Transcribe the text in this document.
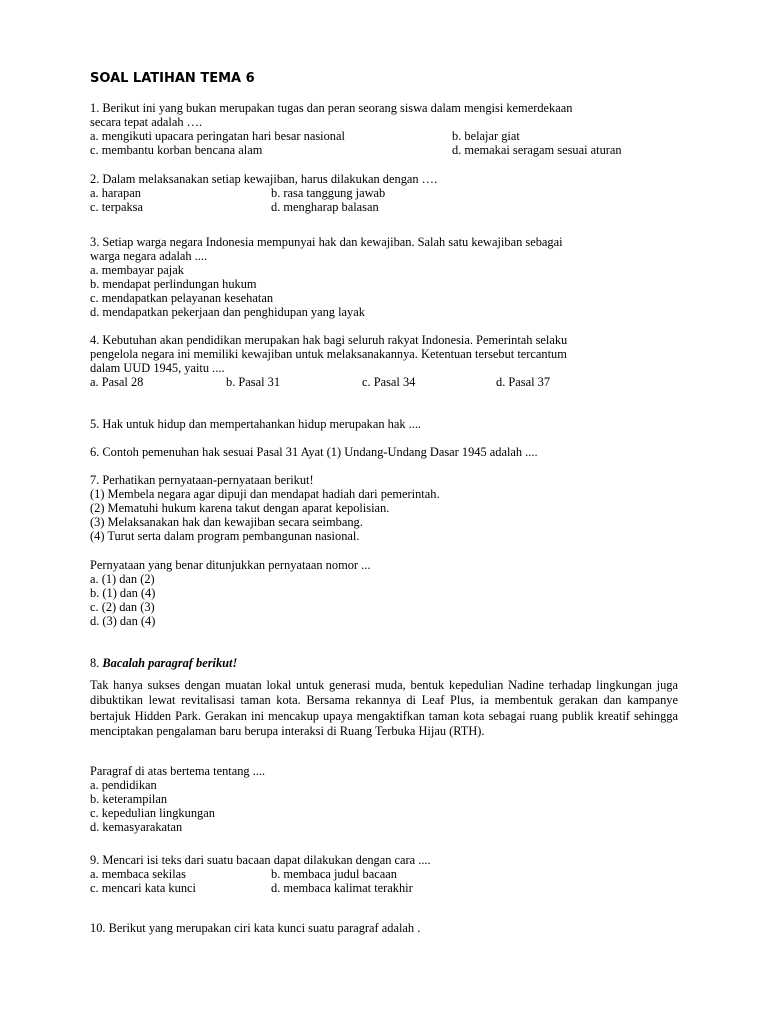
SOAL LATIHAN TEMA 6
1. Berikut ini yang bukan merupakan tugas dan peran seorang siswa dalam mengisi kemerdekaan
secara tepat adalah ….
a. mengikuti upacara peringatan hari besar nasional	b. belajar giat
c. membantu korban bencana alam	d. memakai seragam sesuai aturan
2. Dalam melaksanakan setiap kewajiban, harus dilakukan dengan ….
a. harapan	b. rasa tanggung jawab
c. terpaksa	d. mengharap balasan
3. Setiap warga negara Indonesia mempunyai hak dan kewajiban. Salah satu kewajiban sebagai
warga negara adalah ....
a. membayar pajak
b. mendapat perlindungan hukum
c. mendapatkan pelayanan kesehatan
d. mendapatkan pekerjaan dan penghidupan yang layak
4. Kebutuhan akan pendidikan merupakan hak bagi seluruh rakyat Indonesia. Pemerintah selaku
pengelola negara ini memiliki kewajiban untuk melaksanakannya. Ketentuan tersebut tercantum
dalam UUD 1945, yaitu ....
a. Pasal 28	b. Pasal 31	c. Pasal 34	d. Pasal 37
5. Hak untuk hidup dan mempertahankan hidup merupakan hak ....
6. Contoh pemenuhan hak sesuai Pasal 31 Ayat (1) Undang-Undang Dasar 1945 adalah ....
7. Perhatikan pernyataan-pernyataan berikut!
(1) Membela negara agar dipuji dan mendapat hadiah dari pemerintah.
(2) Mematuhi hukum karena takut dengan aparat kepolisian.
(3) Melaksanakan hak dan kewajiban secara seimbang.
(4) Turut serta dalam program pembangunan nasional.
Pernyataan yang benar ditunjukkan pernyataan nomor ...
a. (1) dan (2)
b. (1) dan (4)
c. (2) dan (3)
d. (3) dan (4)
8. Bacalah paragraf berikut!
Tak hanya sukses dengan muatan lokal untuk generasi muda, bentuk kepedulian Nadine terhadap lingkungan juga dibuktikan lewat revitalisasi taman kota. Bersama rekannya di Leaf Plus, ia membentuk gerakan dan kampanye bertajuk Hidden Park. Gerakan ini mencakup upaya mengaktifkan taman kota sebagai ruang publik kreatif sehingga menciptakan pengalaman baru berupa interaksi di Ruang Terbuka Hijau (RTH).
Paragraf di atas bertema tentang ....
a. pendidikan
b. keterampilan
c. kepedulian lingkungan
d. kemasyarakatan
9. Mencari isi teks dari suatu bacaan dapat dilakukan dengan cara ....
a. membaca sekilas	b. membaca judul bacaan
c. mencari kata kunci	d. membaca kalimat terakhir
10. Berikut yang merupakan ciri kata kunci suatu paragraf adalah .
